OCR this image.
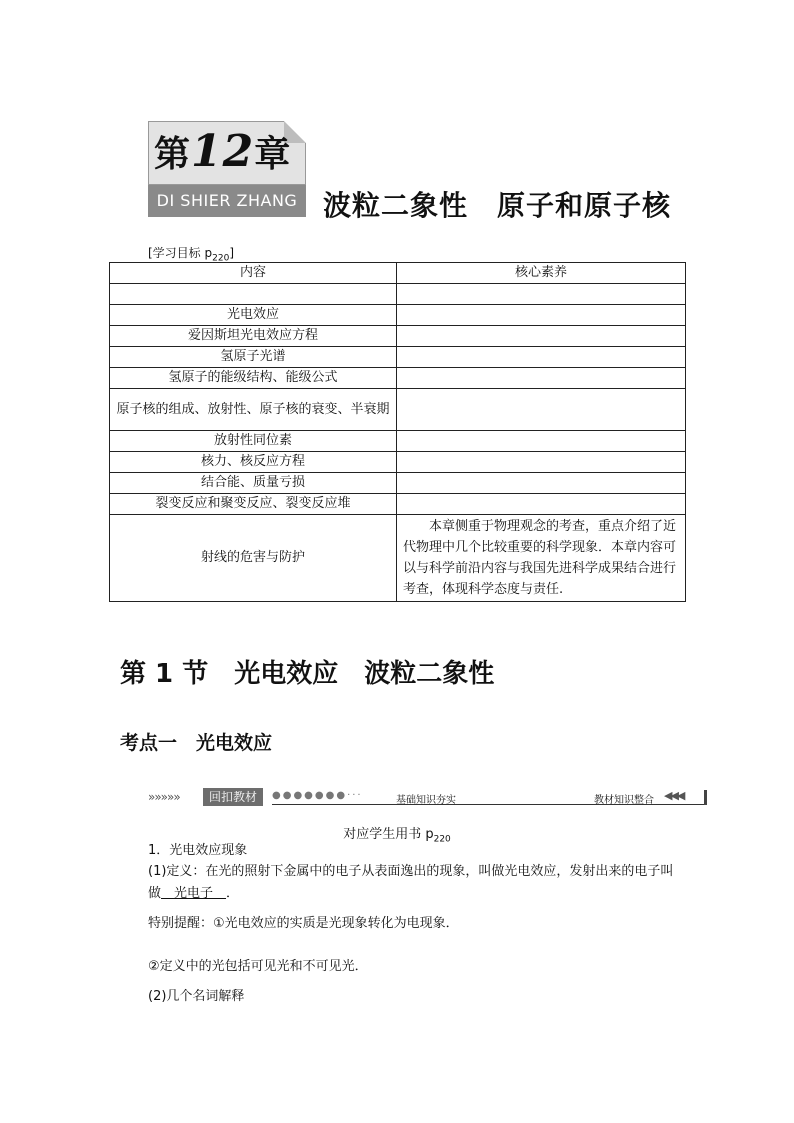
第12章
DI SHIER ZHANG 波粒二象性　原子和原子核
[学习目标 $p_{220}$]
内容	核心素养

光电效应	
爱因斯坦光电效应方程	
氢原子光谱	
氢原子的能级结构、能级公式	
原子核的组成、放射性、原子核的衰变、半衰期	
放射性同位素	
核力、核反应方程	
结合能、质量亏损	
裂变反应和聚变反应、裂变反应堆	
射线的危害与防护	本章侧重于物理观念的考查，重点介绍了近代物理中几个比较重要的科学现象．本章内容可以与科学前沿内容与我国先进科学成果结合进行考查，体现科学态度与责任.
第 1 节　光电效应　波粒二象性
考点一　光电效应
»»»»»	回扣教材	●●●●●●●···	基础知识夯实	教材知识整合 ◀◀◀
对应学生用书 $p_{220}$
1．光电效应现象
(1)定义：在光的照射下金属中的电子从表面逸出的现象，叫做光电效应，发射出来的电子叫做　光电子　．
特别提醒：①光电效应的实质是光现象转化为电现象．
②定义中的光包括可见光和不可见光．
(2)几个名词解释
